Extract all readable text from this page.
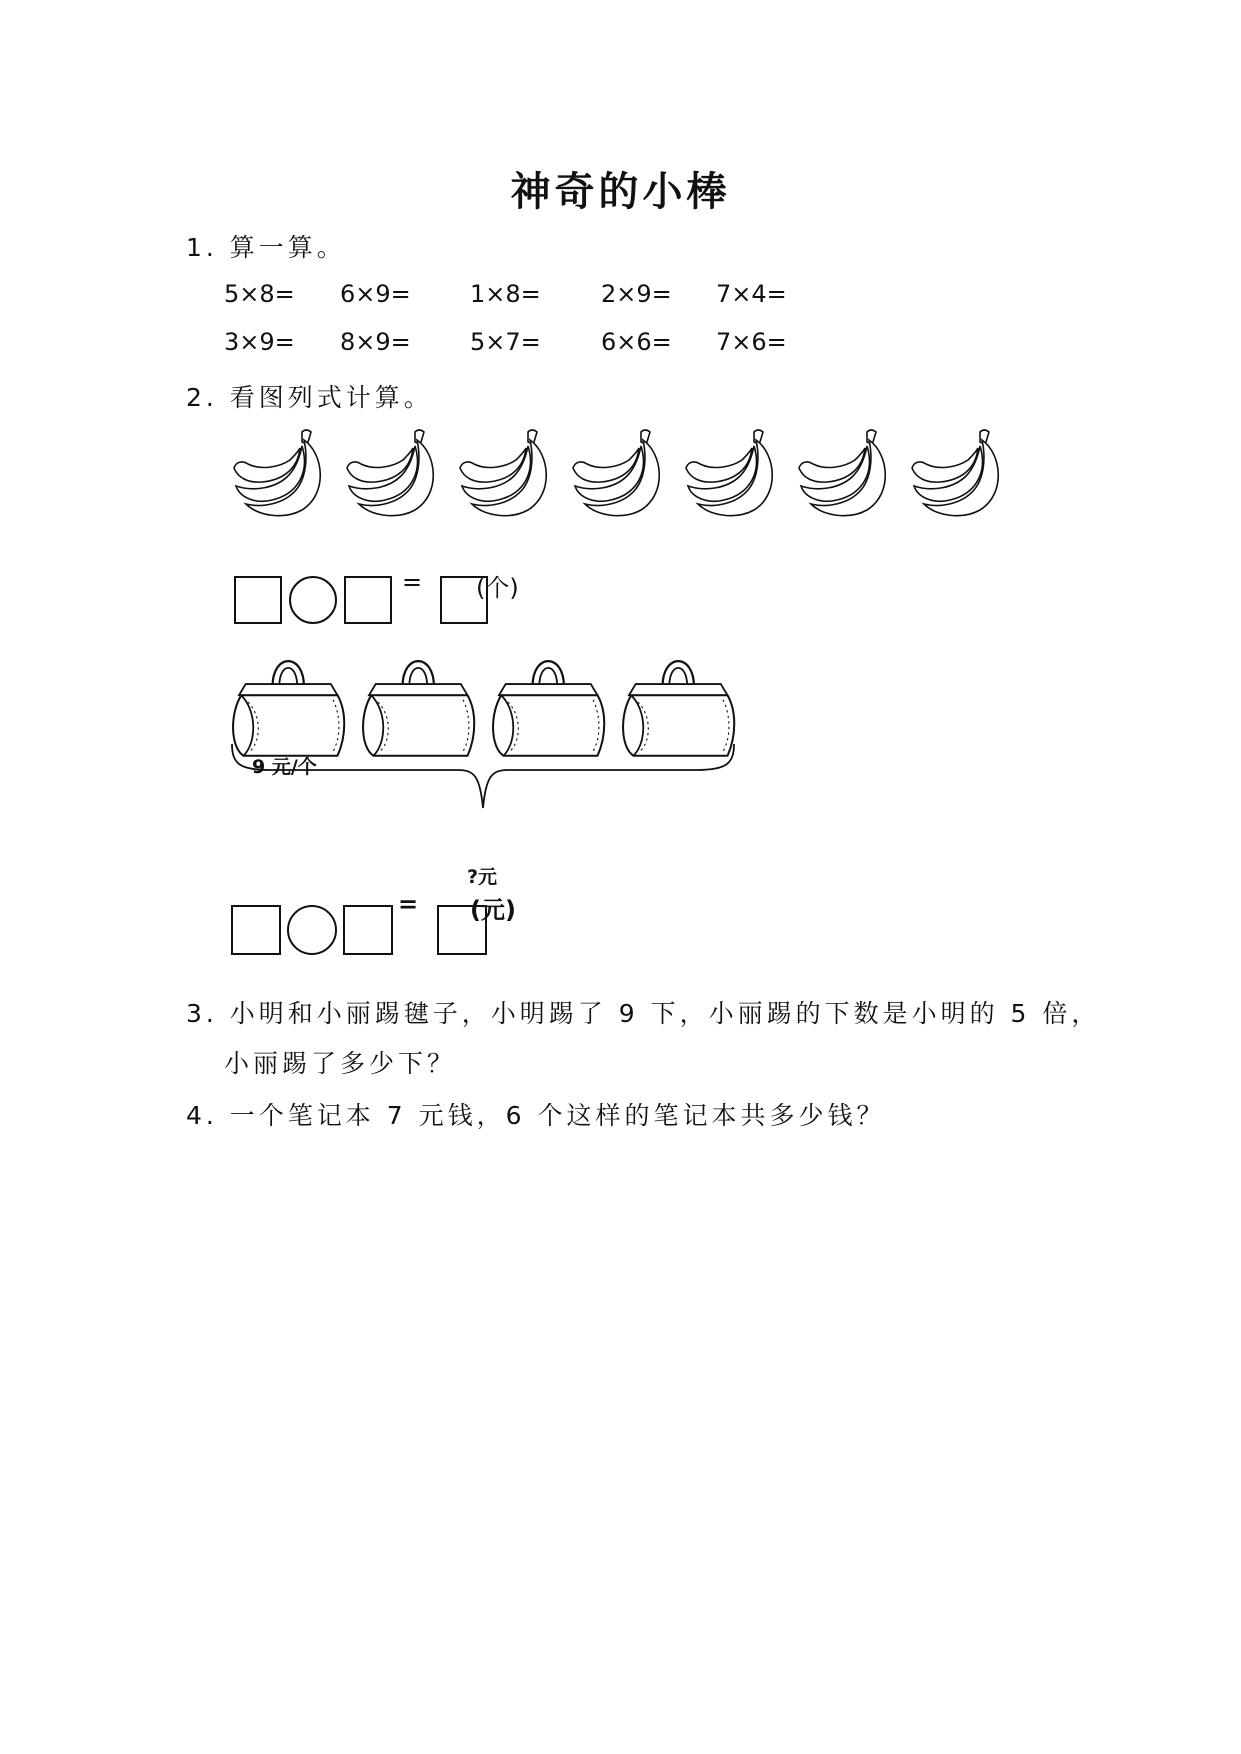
神奇的小棒
1. 算一算。
5×8= 6×9= 1×8=	2×9= 7×4=
3×9= 8×9= 5×7=	6×6= 7×6=
2. 看图列式计算。
= (个)
9 元/个
?元
= (元)
3. 小明和小丽踢毽子，小明踢了 9 下，小丽踢的下数是小明的 5 倍，
小丽踢了多少下？
4. 一个笔记本 7 元钱，6 个这样的笔记本共多少钱？
